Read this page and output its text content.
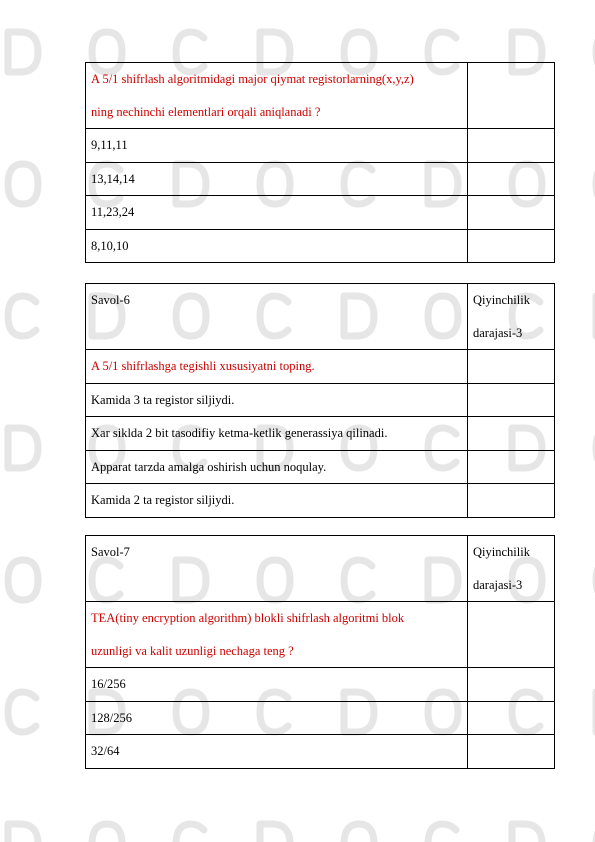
A 5/1 shifrlash algoritmidagi major qiymat registorlarning(x,y,z)
ning nechinchi elementlari orqali aniqlanadi ?	

9,11,11	
13,14,14	
11,23,24	
8,10,10	
Savol-6	Qiyinchilik
darajasi-3

A 5/1 shifrlashga tegishli xususiyatni toping.	
Kamida 3 ta registor siljiydi.	
Xar siklda 2 bit tasodifiy ketma-ketlik generassiya qilinadi.	
Apparat tarzda amalga oshirish uchun noqulay.	
Kamida 2 ta registor siljiydi.	
Savol-7	Qiyinchilik
darajasi-3

TEA(tiny encryption algorithm) blokli shifrlash algoritmi blok
uzunligi va kalit uzunligi nechaga teng ?	

16/256	
128/256	
32/64	
